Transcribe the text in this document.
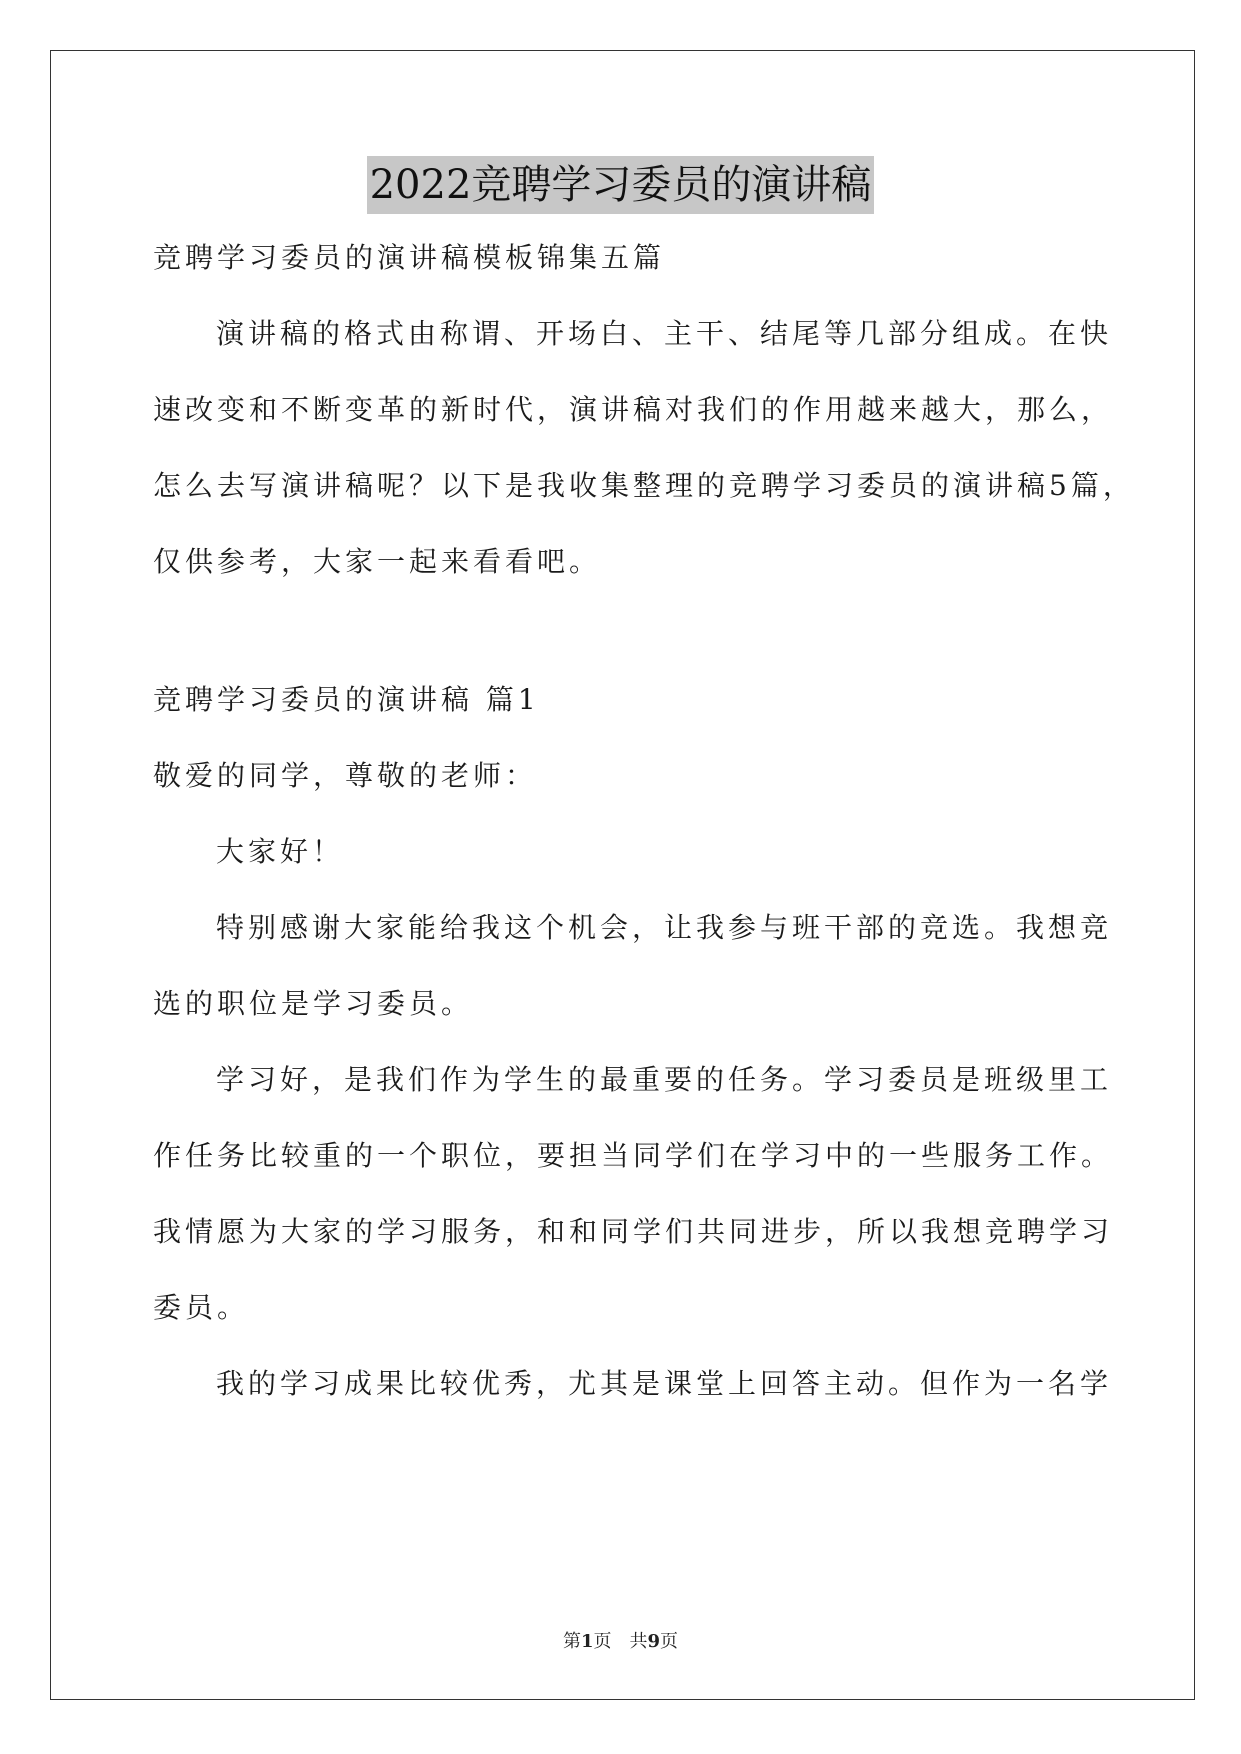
2022竞聘学习委员的演讲稿
竞聘学习委员的演讲稿模板锦集五篇
演讲稿的格式由称谓、开场白、主干、结尾等几部分组成。在快
速改变和不断变革的新时代，演讲稿对我们的作用越来越大，那么，
怎么去写演讲稿呢？以下是我收集整理的竞聘学习委员的演讲稿5篇，
仅供参考，大家一起来看看吧。
竞聘学习委员的演讲稿 篇1
敬爱的同学，尊敬的老师：
大家好！
特别感谢大家能给我这个机会，让我参与班干部的竞选。我想竞
选的职位是学习委员。
学习好，是我们作为学生的最重要的任务。学习委员是班级里工
作任务比较重的一个职位，要担当同学们在学习中的一些服务工作。
我情愿为大家的学习服务，和和同学们共同进步，所以我想竞聘学习
委员。
我的学习成果比较优秀，尤其是课堂上回答主动。但作为一名学
第1页　共9页
